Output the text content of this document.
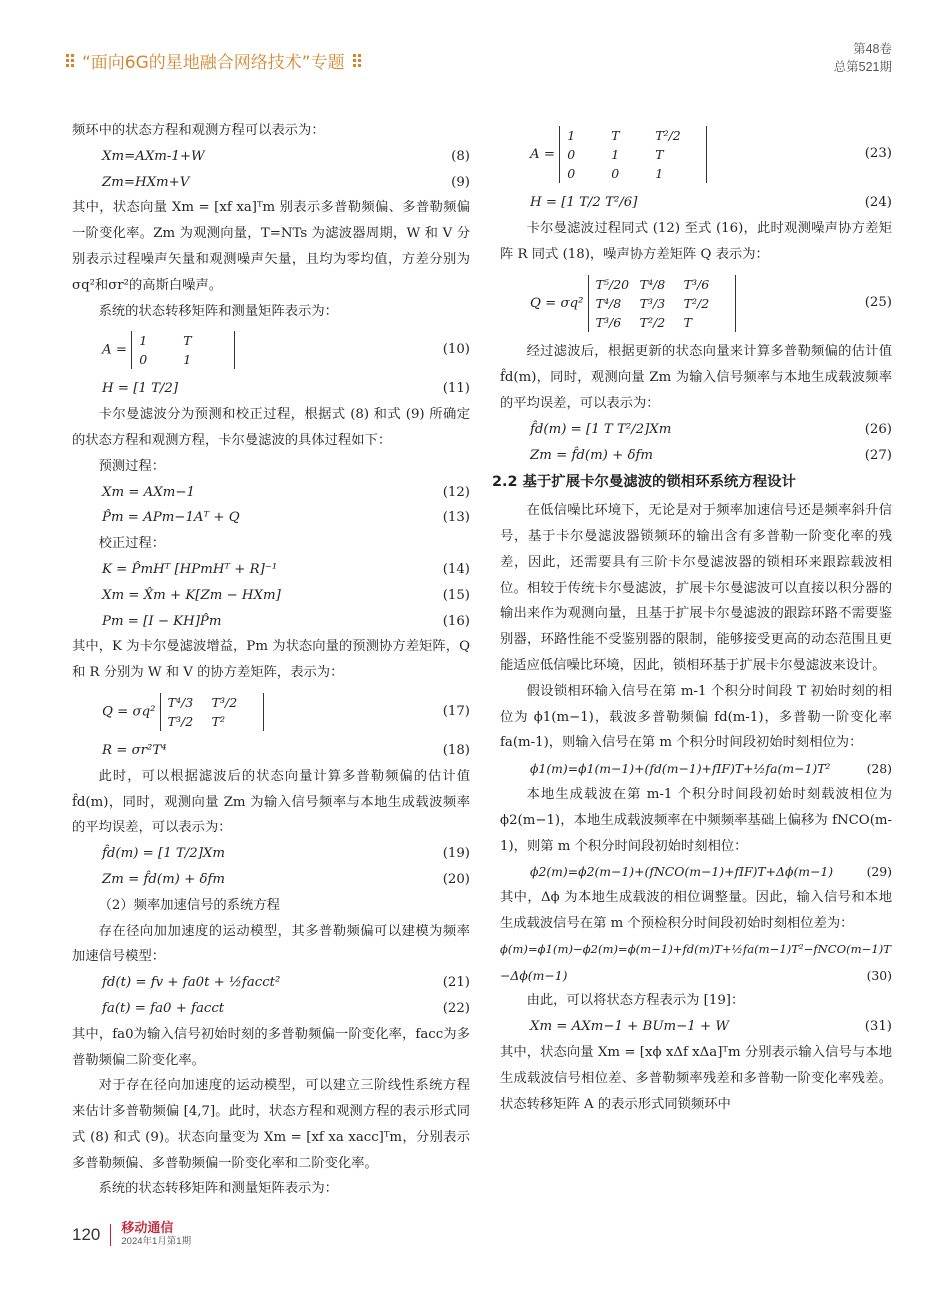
“面向6G的星地融合网络技术”专题
第48卷
总第521期

频环中的状态方程和观测方程可以表示为：

Xm=AXm-1+W	(8)
Zm=HXm+V	(9)

其中，状态向量 Xm = [xf xa]ᵀm 别表示多普勒频偏、多普勒频偏一阶变化率。Zm 为观测向量，T=NTs 为滤波器周期，W 和 V 分别表示过程噪声矢量和观测噪声矢量，且均为零均值，方差分别为σq²和σr²的高斯白噪声。

系统的状态转移矩阵和测量矩阵表示为：

A =
1	T
0	1
(10)
H = [1 T/2]	(11)

卡尔曼滤波分为预测和校正过程，根据式 (8) 和式 (9) 所确定的状态方程和观测方程，卡尔曼滤波的具体过程如下：

预测过程：

Xm = AXm−1	(12)
P̂m = APm−1Aᵀ + Q	(13)

校正过程：

K = P̂mHᵀ [HPmHᵀ + R]⁻¹	(14)
Xm = X̂m + K[Zm − HXm]	(15)
Pm = [I − KH]P̂m	(16)

其中，K 为卡尔曼滤波增益，Pm 为状态向量的预测协方差矩阵，Q 和 R 分别为 W 和 V 的协方差矩阵，表示为：

Q = σq²
T⁴/3 T³/2
T³/2 T²
(17)
R = σr²T⁴	(18)

此时，可以根据滤波后的状态向量计算多普勒频偏的估计值 f̂d(m)，同时，观测向量 Zm 为输入信号频率与本地生成载波频率的平均误差，可以表示为：

f̂d(m) = [1 T/2]Xm	(19)
Zm = f̂d(m) + δfm	(20)

（2）频率加速信号的系统方程

存在径向加加速度的运动模型，其多普勒频偏可以建模为频率加速信号模型：

fd(t) = fv + fa0t + ½facct²	(21)
fa(t) = fa0 + facct	(22)

其中，fa0为输入信号初始时刻的多普勒频偏一阶变化率，facc为多普勒频偏二阶变化率。

对于存在径向加速度的运动模型，可以建立三阶线性系统方程来估计多普勒频偏 [4,7]。此时，状态方程和观测方程的表示形式同式 (8) 和式 (9)。状态向量变为 Xm = [xf xa xacc]ᵀm，分别表示多普勒频偏、多普勒频偏一阶变化率和二阶变化率。

系统的状态转移矩阵和测量矩阵表示为：

A =
1	T	T²/2
0	1	T
0	0	1
(23)
H = [1 T/2 T²/6]	(24)

卡尔曼滤波过程同式 (12) 至式 (16)，此时观测噪声协方差矩阵 R 同式 (18)，噪声协方差矩阵 Q 表示为：

Q = σq²
T⁵/20 T⁴/8 T³/6
T⁴/8 T³/3 T²/2
T³/6 T²/2 T
(25)

经过滤波后，根据更新的状态向量来计算多普勒频偏的估计值 f̂d(m)，同时，观测向量 Zm 为输入信号频率与本地生成载波频率的平均误差，可以表示为：

f̂d(m) = [1 T T²/2]Xm	(26)
Zm = f̂d(m) + δfm	(27)
2.2 基于扩展卡尔曼滤波的锁相环系统方程设计

在低信噪比环境下，无论是对于频率加速信号还是频率斜升信号，基于卡尔曼滤波器锁频环的输出含有多普勒一阶变化率的残差，因此，还需要具有三阶卡尔曼滤波器的锁相环来跟踪载波相位。相较于传统卡尔曼滤波，扩展卡尔曼滤波可以直接以积分器的输出来作为观测向量，且基于扩展卡尔曼滤波的跟踪环路不需要鉴别器，环路性能不受鉴别器的限制，能够接受更高的动态范围且更能适应低信噪比环境，因此，锁相环基于扩展卡尔曼滤波来设计。

假设锁相环输入信号在第 m-1 个积分时间段 T 初始时刻的相位为 ϕ1(m−1)，载波多普勒频偏 fd(m-1)，多普勒一阶变化率 fa(m-1)，则输入信号在第 m 个积分时间段初始时刻相位为：

ϕ1(m)=ϕ1(m−1)+(fd(m−1)+fIF)T+½fa(m−1)T²	(28)

本地生成载波在第 m-1 个积分时间段初始时刻载波相位为 ϕ2(m−1)，本地生成载波频率在中频频率基础上偏移为 fNCO(m-1)，则第 m 个积分时间段初始时刻相位：

ϕ2(m)=ϕ2(m−1)+(fNCO(m−1)+fIF)T+Δϕ(m−1)	(29)

其中，Δϕ 为本地生成载波的相位调整量。因此，输入信号和本地生成载波信号在第 m 个预检积分时间段初始时刻相位差为：

ϕ(m)=ϕ1(m)−ϕ2(m)=ϕ(m−1)+fd(m)T+½fa(m−1)T²−fNCO(m−1)T
−Δϕ(m−1)	(30)

由此，可以将状态方程表示为 [19]：

Xm = AXm−1 + BUm−1 + W	(31)

其中，状态向量 Xm = [xϕ xΔf xΔa]ᵀm 分别表示输入信号与本地生成载波信号相位差、多普勒频率残差和多普勒一阶变化率残差。状态转移矩阵 A 的表示形式同锁频环中

120	移动通信
2024年1月第1期
